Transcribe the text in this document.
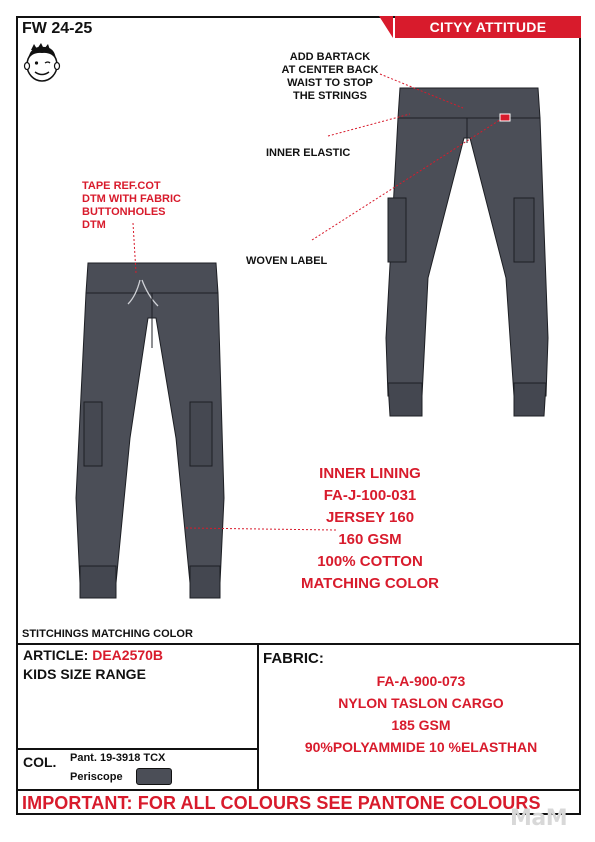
FW 24-25	CITYY ATTITUDE
ADD BARTACK
AT CENTER BACK
WAIST TO STOP
THE STRINGS
INNER ELASTIC
TAPE REF.COT
DTM WITH FABRIC
BUTTONHOLES
DTM
WOVEN LABEL
INNER LINING
FA-J-100-031
JERSEY 160
160 GSM
100% COTTON
MATCHING COLOR
STITCHINGS MATCHING COLOR
ARTICLE: DEA2570B
KIDS SIZE RANGE
FABRIC:
FA-A-900-073
NYLON TASLON CARGO
185 GSM
90%POLYAMMIDE 10 %ELASTHAN
COL. Pant. 19-3918 TCX
Periscope
IMPORTANT: FOR ALL COLOURS SEE PANTONE COLOURS
MaM
